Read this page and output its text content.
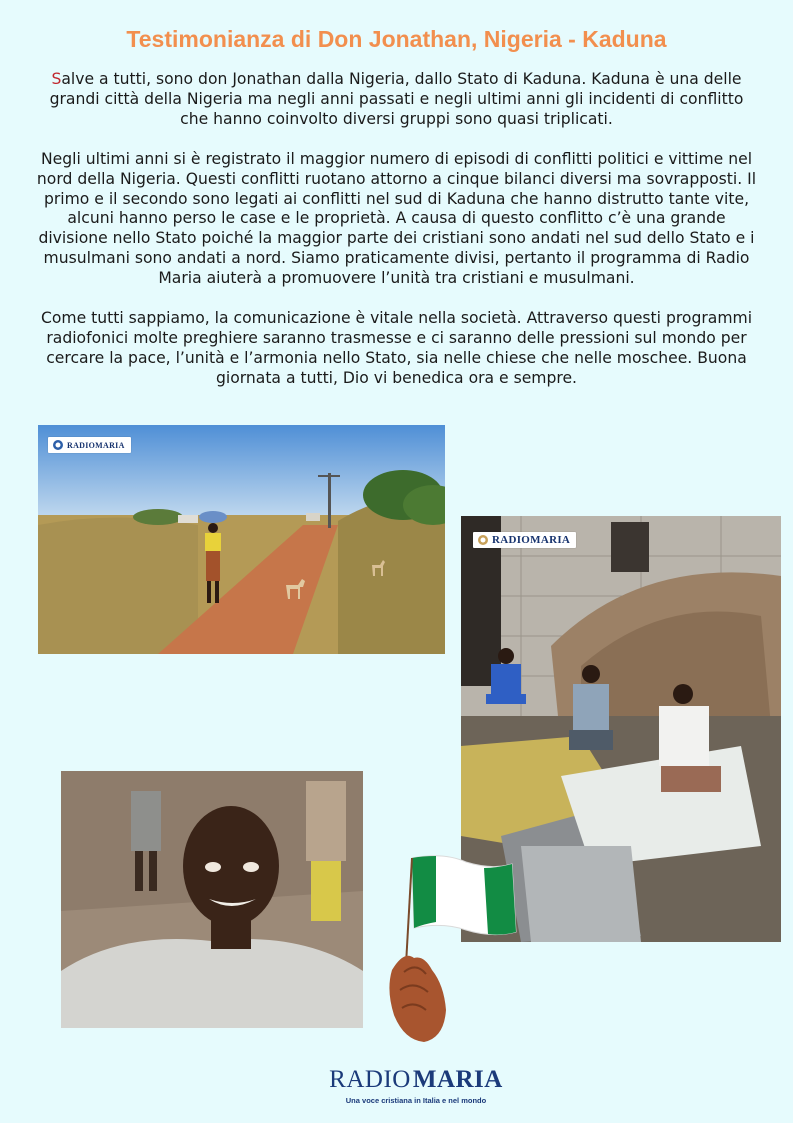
Testimonianza di Don Jonathan, Nigeria - Kaduna

Salve a tutti, sono don Jonathan dalla Nigeria, dallo Stato di Kaduna. Kaduna è una delle grandi città della Nigeria ma negli anni passati e negli ultimi anni gli incidenti di conflitto che hanno coinvolto diversi gruppi sono quasi triplicati.

Negli ultimi anni si è registrato il maggior numero di episodi di conflitti politici e vittime nel nord della Nigeria. Questi conflitti ruotano attorno a cinque bilanci diversi ma sovrapposti. Il primo e il secondo sono legati ai conflitti nel sud di Kaduna che hanno distrutto tante vite, alcuni hanno perso le case e le proprietà. A causa di questo conflitto c’è una grande divisione nello Stato poiché la maggior parte dei cristiani sono andati nel sud dello Stato e i musulmani sono andati a nord. Siamo praticamente divisi, pertanto il programma di Radio Maria aiuterà a promuovere l’unità tra cristiani e musulmani.

Come tutti sappiamo, la comunicazione è vitale nella società. Attraverso questi programmi radiofonici molte preghiere saranno trasmesse e ci saranno delle pressioni sul mondo per cercare la pace, l’unità e l’armonia nello Stato, sia nelle chiese che nelle moschee. Buona giornata a tutti, Dio vi benedica ora e sempre.

RADIO MARIA
RADIO MARIA
RADIO MARIA
Una voce cristiana in Italia e nel mondo
